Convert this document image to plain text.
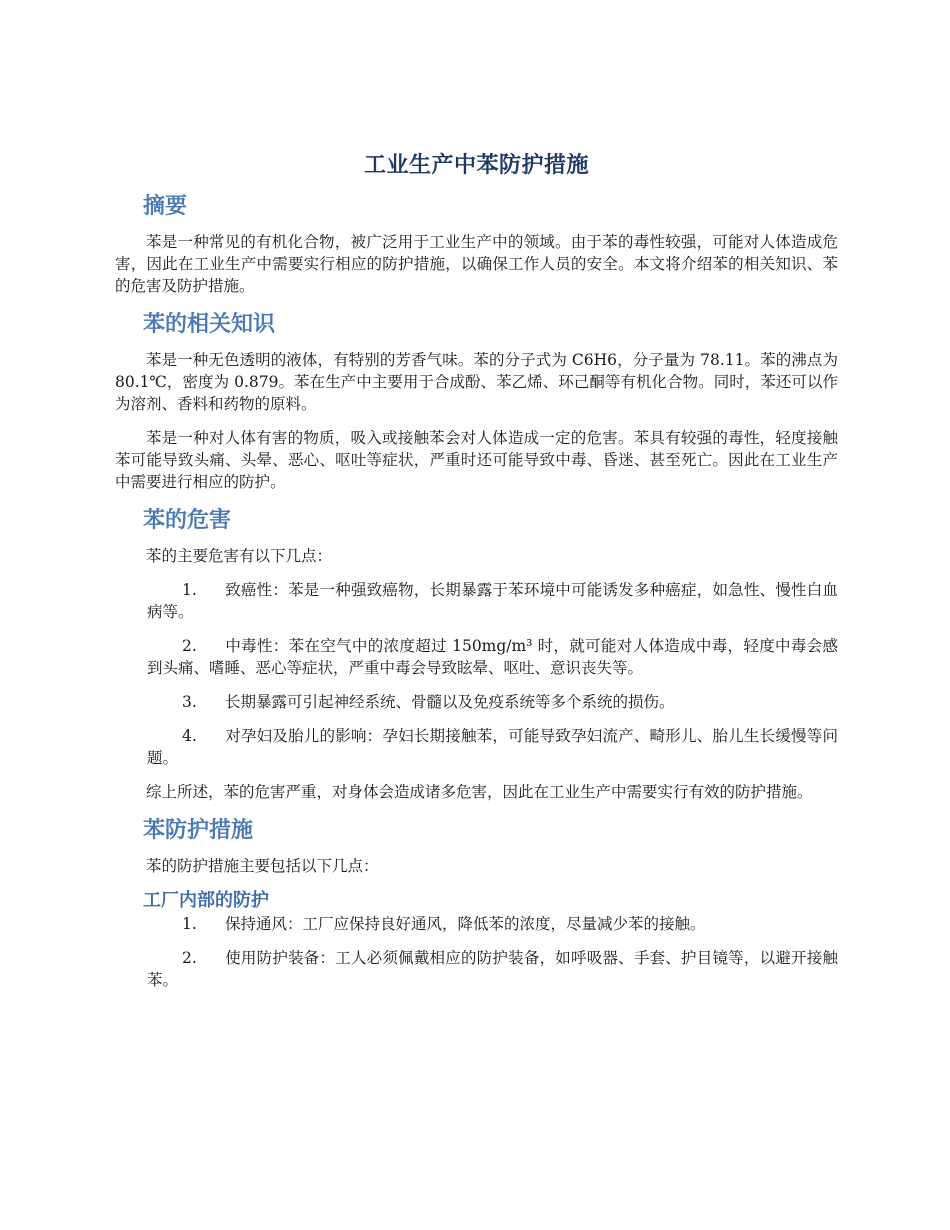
工业生产中苯防护措施
摘要

苯是一种常见的有机化合物，被广泛用于工业生产中的领域。由于苯的毒性较强，可能对人体造成危害，因此在工业生产中需要实行相应的防护措施，以确保工作人员的安全。本文将介绍苯的相关知识、苯的危害及防护措施。

苯的相关知识

苯是一种无色透明的液体，有特别的芳香气味。苯的分子式为 C6H6，分子量为 78.11。苯的沸点为 80.1℃，密度为 0.879。苯在生产中主要用于合成酚、苯乙烯、环己酮等有机化合物。同时，苯还可以作为溶剂、香料和药物的原料。

苯是一种对人体有害的物质，吸入或接触苯会对人体造成一定的危害。苯具有较强的毒性，轻度接触苯可能导致头痛、头晕、恶心、呕吐等症状，严重时还可能导致中毒、昏迷、甚至死亡。因此在工业生产中需要进行相应的防护。

苯的危害

苯的主要危害有以下几点：

1. 致癌性：苯是一种强致癌物，长期暴露于苯环境中可能诱发多种癌症，如急性、慢性白血病等。
2. 中毒性：苯在空气中的浓度超过 150mg/m³ 时，就可能对人体造成中毒，轻度中毒会感到头痛、嗜睡、恶心等症状，严重中毒会导致眩晕、呕吐、意识丧失等。
3. 长期暴露可引起神经系统、骨髓以及免疫系统等多个系统的损伤。
4. 对孕妇及胎儿的影响：孕妇长期接触苯，可能导致孕妇流产、畸形儿、胎儿生长缓慢等问题。

综上所述，苯的危害严重，对身体会造成诸多危害，因此在工业生产中需要实行有效的防护措施。

苯防护措施

苯的防护措施主要包括以下几点：

工厂内部的防护
1. 保持通风：工厂应保持良好通风，降低苯的浓度，尽量减少苯的接触。
2. 使用防护装备：工人必须佩戴相应的防护装备，如呼吸器、手套、护目镜等，以避开接触苯。
